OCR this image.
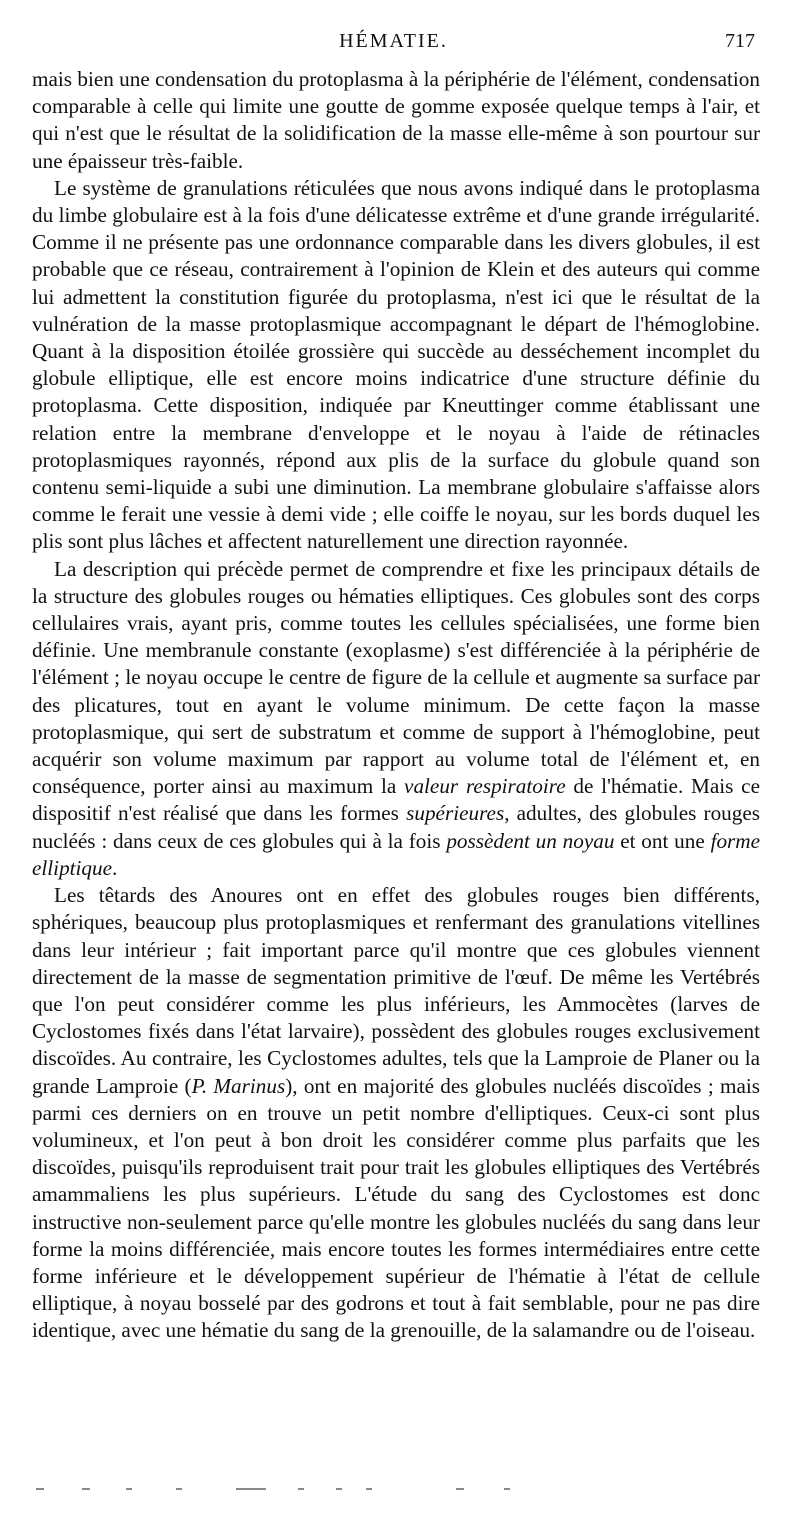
HÉMATIE.	717

mais bien une condensation du protoplasma à la périphérie de l'élément, condensation comparable à celle qui limite une goutte de gomme exposée quelque temps à l'air, et qui n'est que le résultat de la solidification de la masse elle-même à son pourtour sur une épaisseur très-faible.

Le système de granulations réticulées que nous avons indiqué dans le protoplasma du limbe globulaire est à la fois d'une délicatesse extrême et d'une grande irrégularité. Comme il ne présente pas une ordonnance comparable dans les divers globules, il est probable que ce réseau, contrairement à l'opinion de Klein et des auteurs qui comme lui admettent la constitution figurée du protoplasma, n'est ici que le résultat de la vulnération de la masse protoplasmique accompagnant le départ de l'hémoglobine. Quant à la disposition étoilée grossière qui succède au desséchement incomplet du globule elliptique, elle est encore moins indicatrice d'une structure définie du protoplasma. Cette disposition, indiquée par Kneuttinger comme établissant une relation entre la membrane d'enveloppe et le noyau à l'aide de rétinacles protoplasmiques rayonnés, répond aux plis de la surface du globule quand son contenu semi-liquide a subi une diminution. La membrane globulaire s'affaisse alors comme le ferait une vessie à demi vide ; elle coiffe le noyau, sur les bords duquel les plis sont plus lâches et affectent naturellement une direction rayonnée.

La description qui précède permet de comprendre et fixe les principaux détails de la structure des globules rouges ou hématies elliptiques. Ces globules sont des corps cellulaires vrais, ayant pris, comme toutes les cellules spécialisées, une forme bien définie. Une membranule constante (exoplasme) s'est différenciée à la périphérie de l'élément ; le noyau occupe le centre de figure de la cellule et augmente sa surface par des plicatures, tout en ayant le volume minimum. De cette façon la masse protoplasmique, qui sert de substratum et comme de support à l'hémoglobine, peut acquérir son volume maximum par rapport au volume total de l'élément et, en conséquence, porter ainsi au maximum la valeur respiratoire de l'hématie. Mais ce dispositif n'est réalisé que dans les formes supérieures, adultes, des globules rouges nucléés : dans ceux de ces globules qui à la fois possèdent un noyau et ont une forme elliptique.

Les têtards des Anoures ont en effet des globules rouges bien différents, sphériques, beaucoup plus protoplasmiques et renfermant des granulations vitellines dans leur intérieur ; fait important parce qu'il montre que ces globules viennent directement de la masse de segmentation primitive de l'œuf. De même les Vertébrés que l'on peut considérer comme les plus inférieurs, les Ammocètes (larves de Cyclostomes fixés dans l'état larvaire), possèdent des globules rouges exclusivement discoïdes. Au contraire, les Cyclostomes adultes, tels que la Lamproie de Planer ou la grande Lamproie (P. Marinus), ont en majorité des globules nucléés discoïdes ; mais parmi ces derniers on en trouve un petit nombre d'elliptiques. Ceux-ci sont plus volumineux, et l'on peut à bon droit les considérer comme plus parfaits que les discoïdes, puisqu'ils reproduisent trait pour trait les globules elliptiques des Vertébrés amammaliens les plus supérieurs. L'étude du sang des Cyclostomes est donc instructive non-seulement parce qu'elle montre les globules nucléés du sang dans leur forme la moins différenciée, mais encore toutes les formes intermédiaires entre cette forme inférieure et le développement supérieur de l'hématie à l'état de cellule elliptique, à noyau bosselé par des godrons et tout à fait semblable, pour ne pas dire identique, avec une hématie du sang de la grenouille, de la salamandre ou de l'oiseau.
